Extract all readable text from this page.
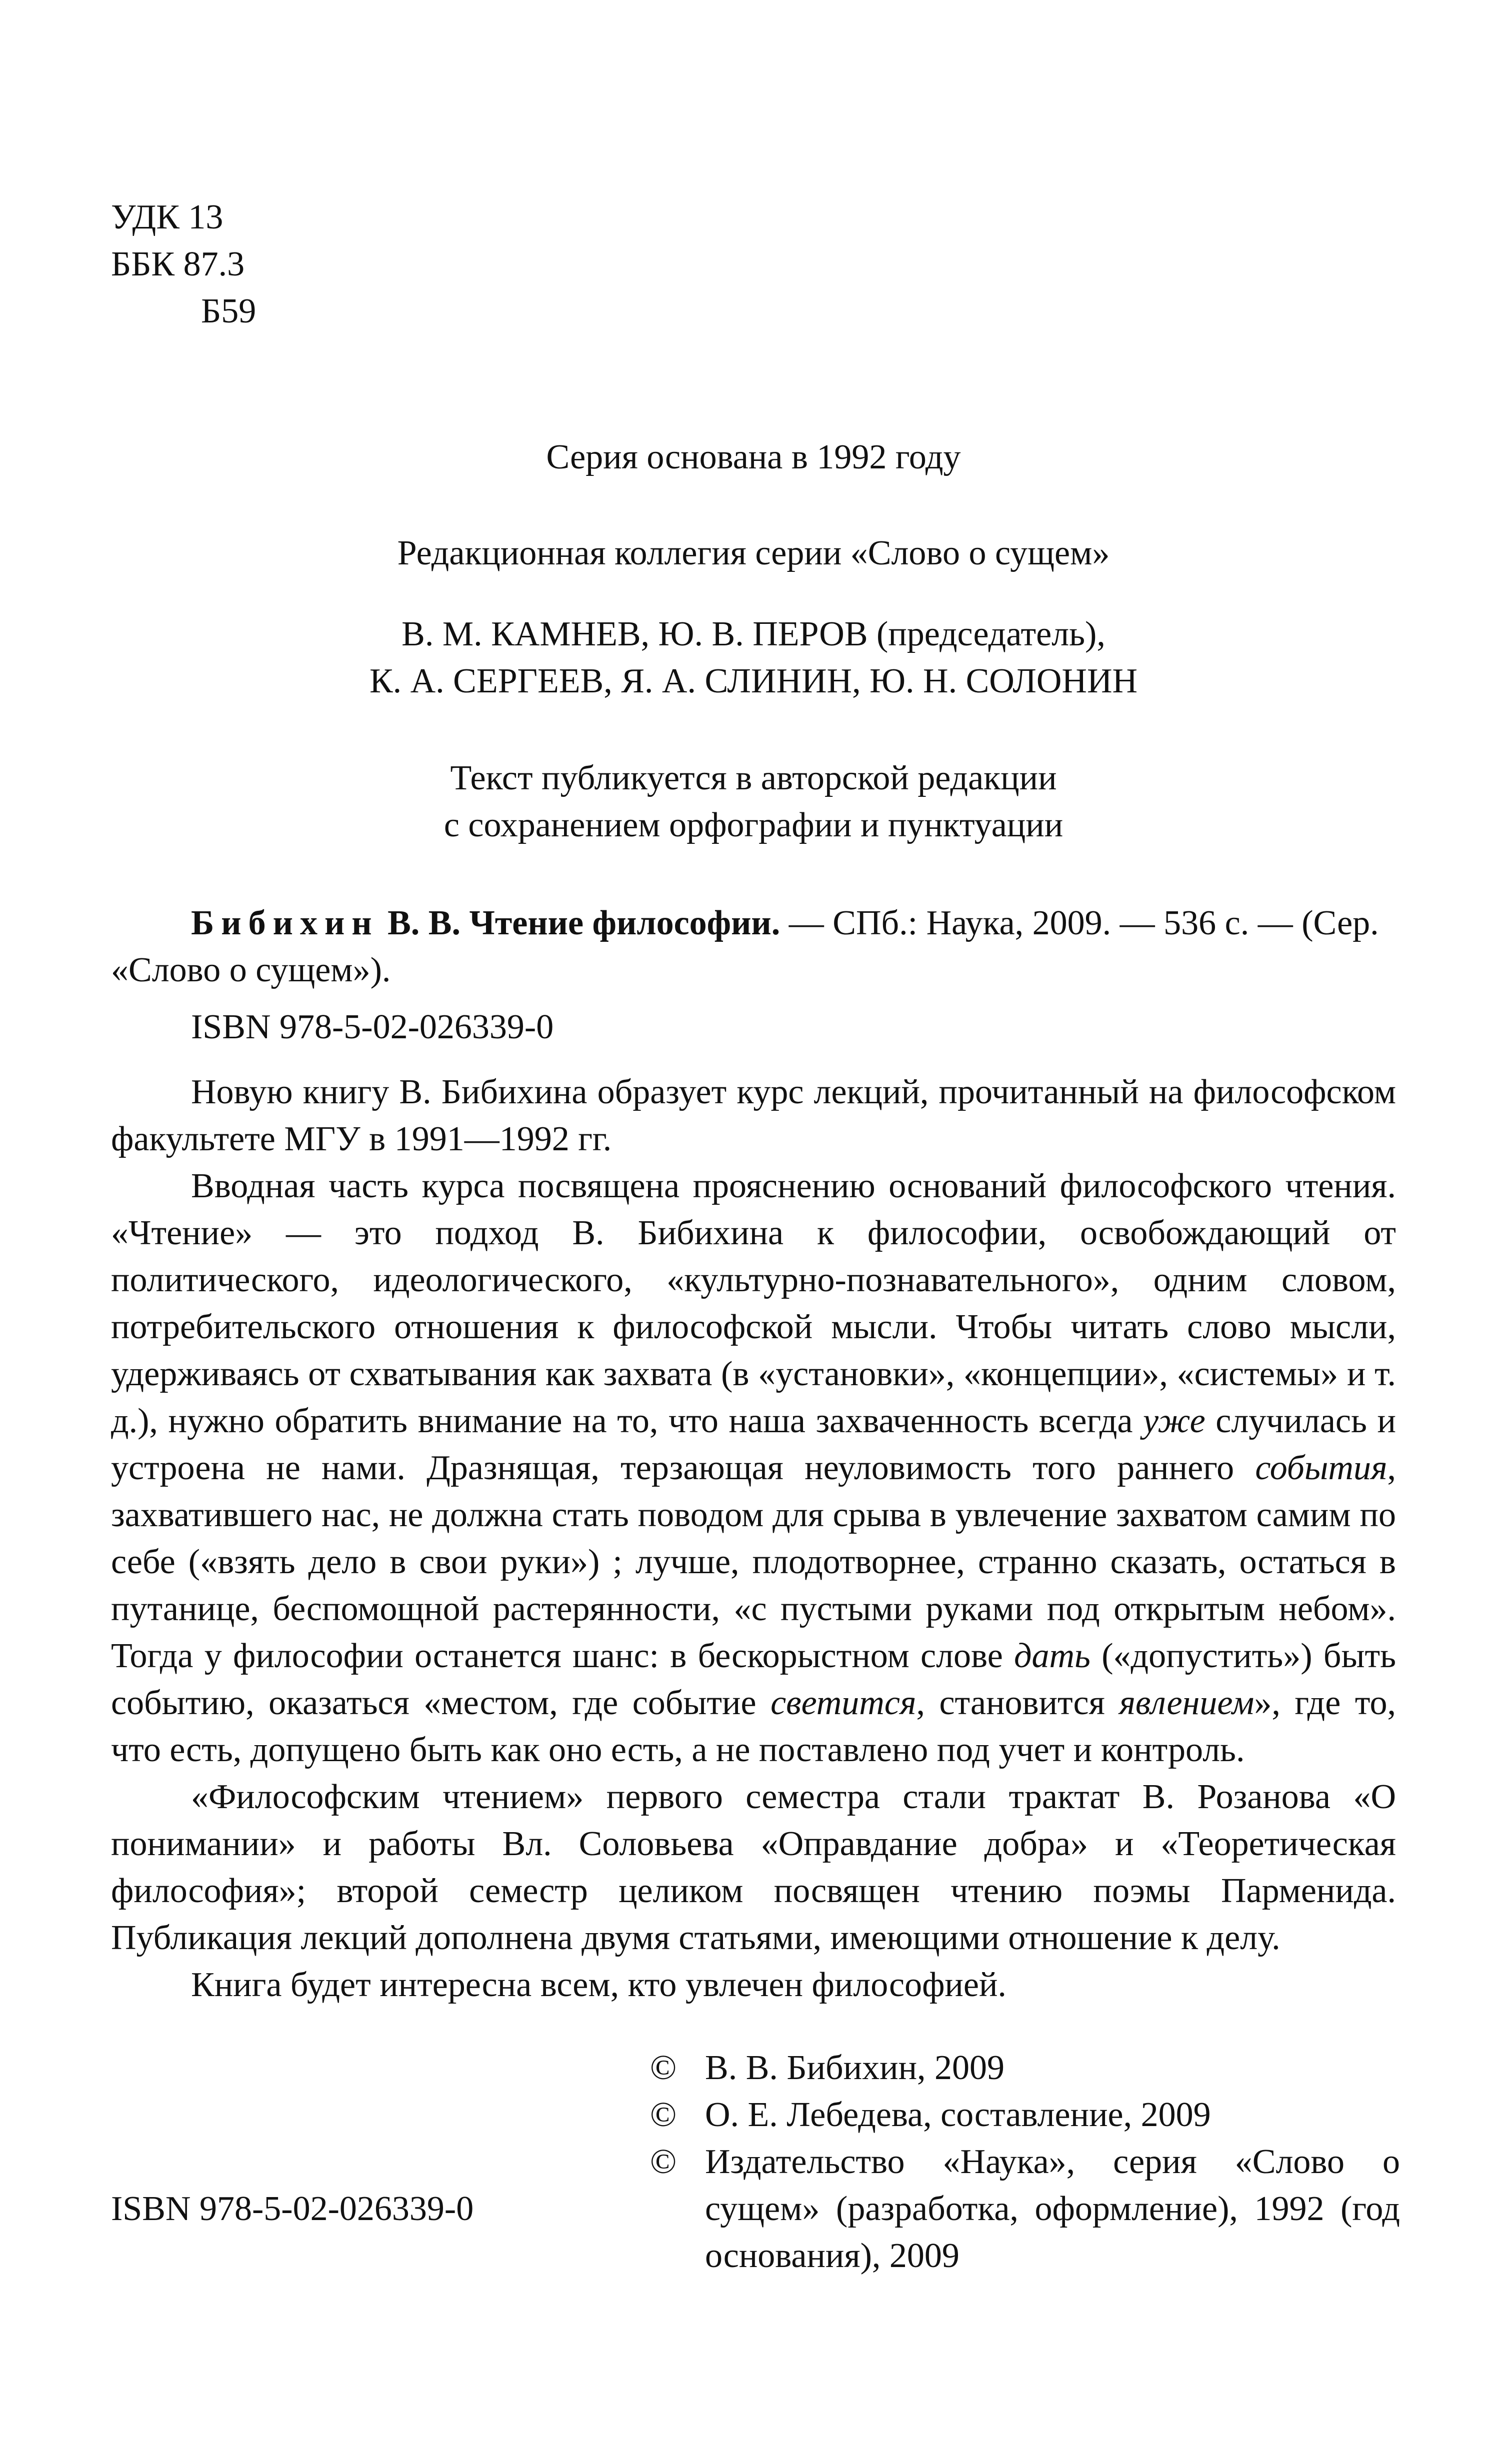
УДК 13
ББК 87.3
Б59
Серия основана в 1992 году
Редакционная коллегия серии «Слово о сущем»
В. М. КАМНЕВ, Ю. В. ПЕРОВ (председатель),
К. А. СЕРГЕЕВ, Я. А. СЛИНИН, Ю. Н. СОЛОНИН
Текст публикуется в авторской редакции
с сохранением орфографии и пунктуации
Бибихин В. В. Чтение философии. — СПб.: Наука, 2009. — 536 с. — (Сер. «Слово о сущем»).
ISBN 978-5-02-026339-0

Новую книгу В. Бибихина образует курс лекций, прочитанный на философском факультете МГУ в 1991—1992 гг.

Вводная часть курса посвящена прояснению оснований философского чтения. «Чтение» — это подход В. Бибихина к философии, освобождающий от политического, идеологического, «культурно-познавательного», одним словом, потребительского отношения к философской мысли. Чтобы читать слово мысли, удерживаясь от схватывания как захвата (в «установки», «концепции», «системы» и т. д.), нужно обратить внимание на то, что наша захваченность всегда уже случилась и устроена не нами. Дразнящая, терзающая неуловимость того раннего события, захватившего нас, не должна стать поводом для срыва в увлечение захватом самим по себе («взять дело в свои руки») ; лучше, плодотворнее, странно сказать, остаться в путанице, беспомощной растерянности, «с пустыми руками под открытым небом». Тогда у философии останется шанс: в бескорыстном слове дать («допустить») быть событию, оказаться «местом, где событие светится, становится явлением», где то, что есть, допущено быть как оно есть, а не поставлено под учет и контроль.

«Философским чтением» первого семестра стали трактат В. Розанова «О понимании» и работы Вл. Соловьева «Оправдание добра» и «Теоретическая философия»; второй семестр целиком посвящен чтению поэмы Парменида. Публикация лекций дополнена двумя статьями, имеющими отношение к делу.

Книга будет интересна всем, кто увлечен философией.

© В. В. Бибихин, 2009
© О. Е. Лебедева, составление, 2009
© Издательство «Наука», серия «Слово о сущем» (разработка, оформление), 1992 (год основания), 2009
ISBN 978-5-02-026339-0
